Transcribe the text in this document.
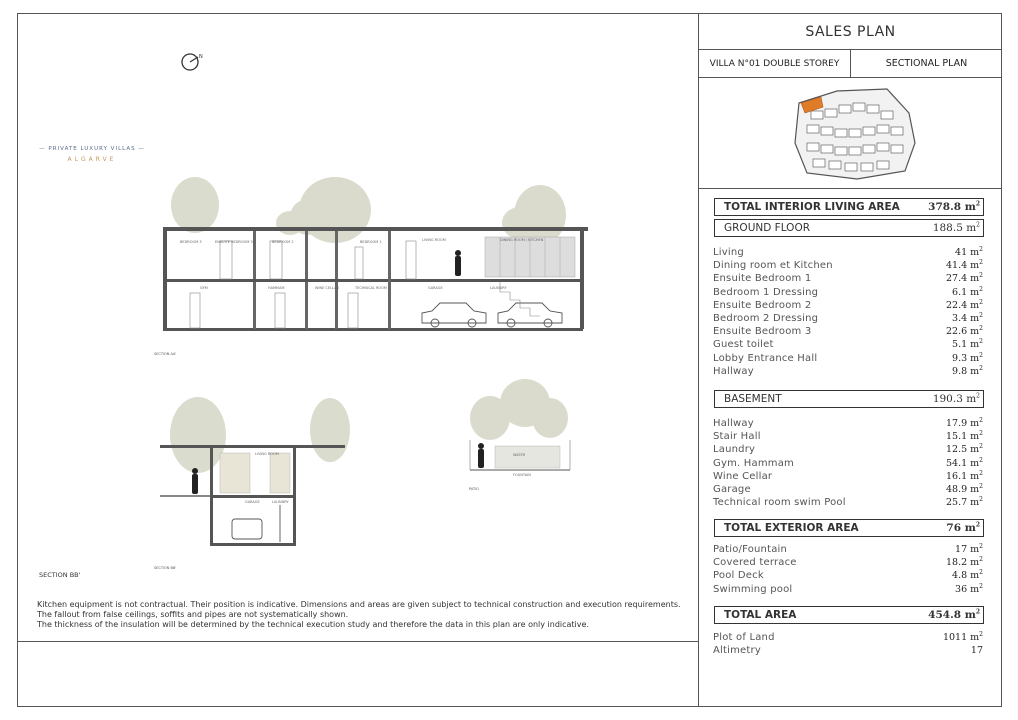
N
— PRIVATE LUXURY VILLAS —
ALGARVE
BEDROOM 3	ENSUITE BEDROOM 3	BEDROOM 2	BEDROOM 1	LIVING ROOM	DINING ROOM / KITCHEN
GYM	HAMMAM	WINE CELLAR	TECHNICAL ROOM	GARAGE	LAUNDRY
SECTION AA'
LIVING ROOM
GARAGE	LAUNDRY
SECTION BB'
SECTION BB'
WATER
FOUNTAIN
PATIO
Kitchen equipment is not contractual. Their position is indicative. Dimensions and areas are given subject to technical construction and execution requirements.
The fallout from false ceilings, soffits and pipes are not systematically shown.
The thickness of the insulation will be determined by the technical execution study and therefore the data in this plan are only indicative.
SALES PLAN
VILLA N°01 DOUBLE STOREY	SECTIONAL PLAN
TOTAL INTERIOR LIVING AREA	378.8 $m^2$
GROUND FLOOR	188.5 $m^2$
Living	41 $m^2$
Dining room et Kitchen	41.4 $m^2$
Ensuite Bedroom 1	27.4 $m^2$
Bedroom 1 Dressing	6.1 $m^2$
Ensuite Bedroom 2	22.4 $m^2$
Bedroom 2 Dressing	3.4 $m^2$
Ensuite Bedroom 3	22.6 $m^2$
Guest toilet	5.1 $m^2$
Lobby Entrance Hall	9.3 $m^2$
Hallway	9.8 $m^2$
BASEMENT	190.3 $m^2$
Hallway	17.9 $m^2$
Stair Hall	15.1 $m^2$
Laundry	12.5 $m^2$
Gym. Hammam	54.1 $m^2$
Wine Cellar	16.1 $m^2$
Garage	48.9 $m^2$
Technical room swim Pool	25.7 $m^2$
TOTAL EXTERIOR AREA	76 $m^2$
Patio/Fountain	17 $m^2$
Covered terrace	18.2 $m^2$
Pool Deck	4.8 $m^2$
Swimming pool	36 $m^2$
TOTAL AREA	454.8 $m^2$
Plot of Land	1011 $m^2$
Altimetry	17
